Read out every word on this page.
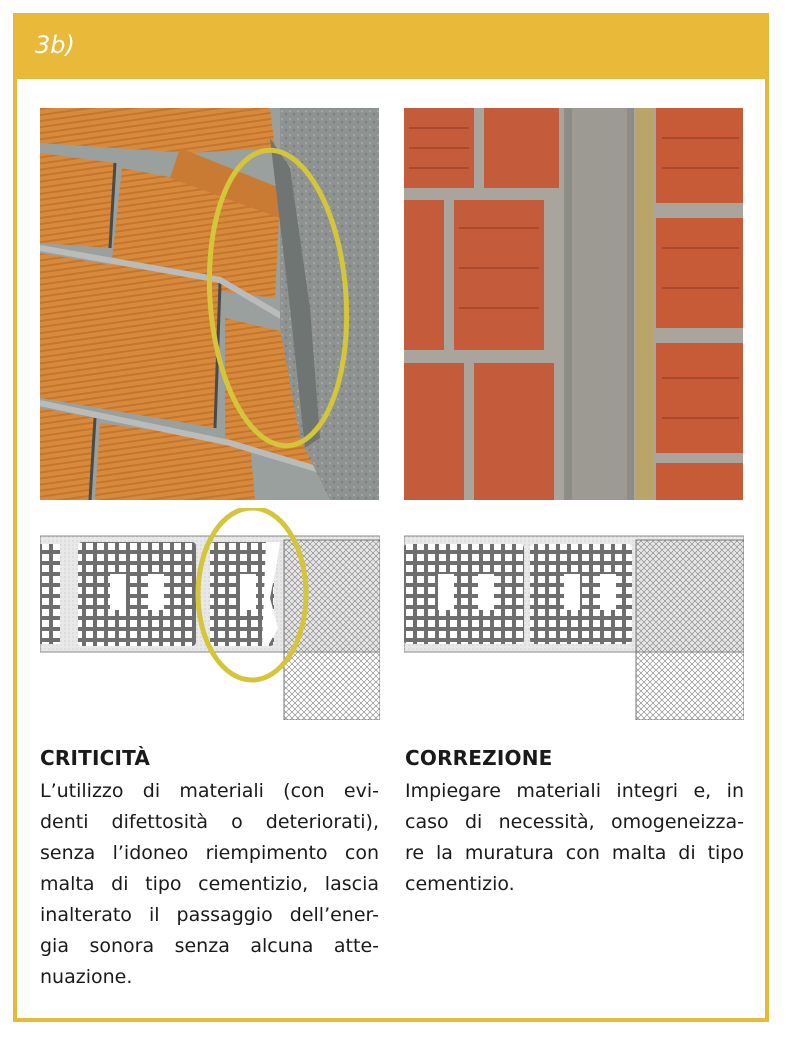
3b)
CRITICITÀ
L’utilizzo di materiali (con evi-
denti difettosità o deteriorati),
senza l’idoneo riempimento con
malta di tipo cementizio, lascia
inalterato il passaggio dell’ener-
gia sonora senza alcuna atte-
nuazione.
CORREZIONE
Impiegare materiali integri e, in
caso di necessità, omogeneizza-
re la muratura con malta di tipo
cementizio.
